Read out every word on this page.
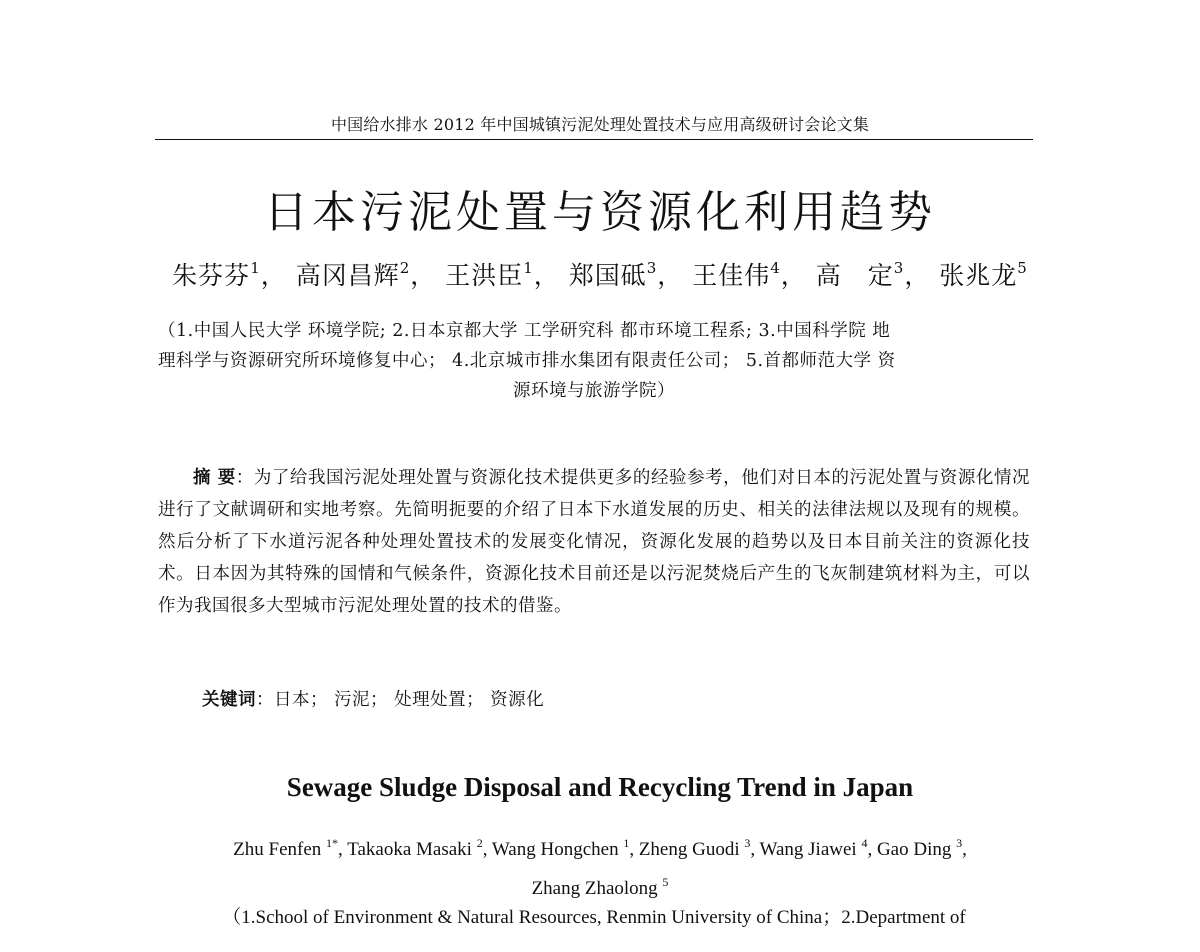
中国给水排水 2012 年中国城镇污泥处理处置技术与应用高级研讨会论文集
日本污泥处置与资源化利用趋势
朱芬芬$^1$， 高冈昌辉$^2$， 王洪臣$^1$， 郑国砥$^3$， 王佳伟$^4$， 高　定$^3$， 张兆龙$^5$
（1.中国人民大学 环境学院; 2.日本京都大学 工学研究科 都市环境工程系; 3.中国科学院 地
理科学与资源研究所环境修复中心； 4.北京城市排水集团有限责任公司； 5.首都师范大学 资
源环境与旅游学院）

摘 要：为了给我国污泥处理处置与资源化技术提供更多的经验参考，他们对日本的污泥处置与资源化情况进行了文献调研和实地考察。先简明扼要的介绍了日本下水道发展的历史、相关的法律法规以及现有的规模。然后分析了下水道污泥各种处理处置技术的发展变化情况，资源化发展的趋势以及日本目前关注的资源化技术。日本因为其特殊的国情和气候条件，资源化技术目前还是以污泥焚烧后产生的飞灰制建筑材料为主，可以作为我国很多大型城市污泥处理处置的技术的借鉴。

关键词：日本； 污泥； 处理处置； 资源化
Sewage Sludge Disposal and Recycling Trend in Japan
Zhu Fenfen $^{1*}$, Takaoka Masaki $^2$, Wang Hongchen $^1$, Zheng Guodi $^3$, Wang Jiawei $^4$, Gao Ding $^3$,
Zhang Zhaolong $^5$
（1.School of Environment & Natural Resources, Renmin University of China；2.Department of
